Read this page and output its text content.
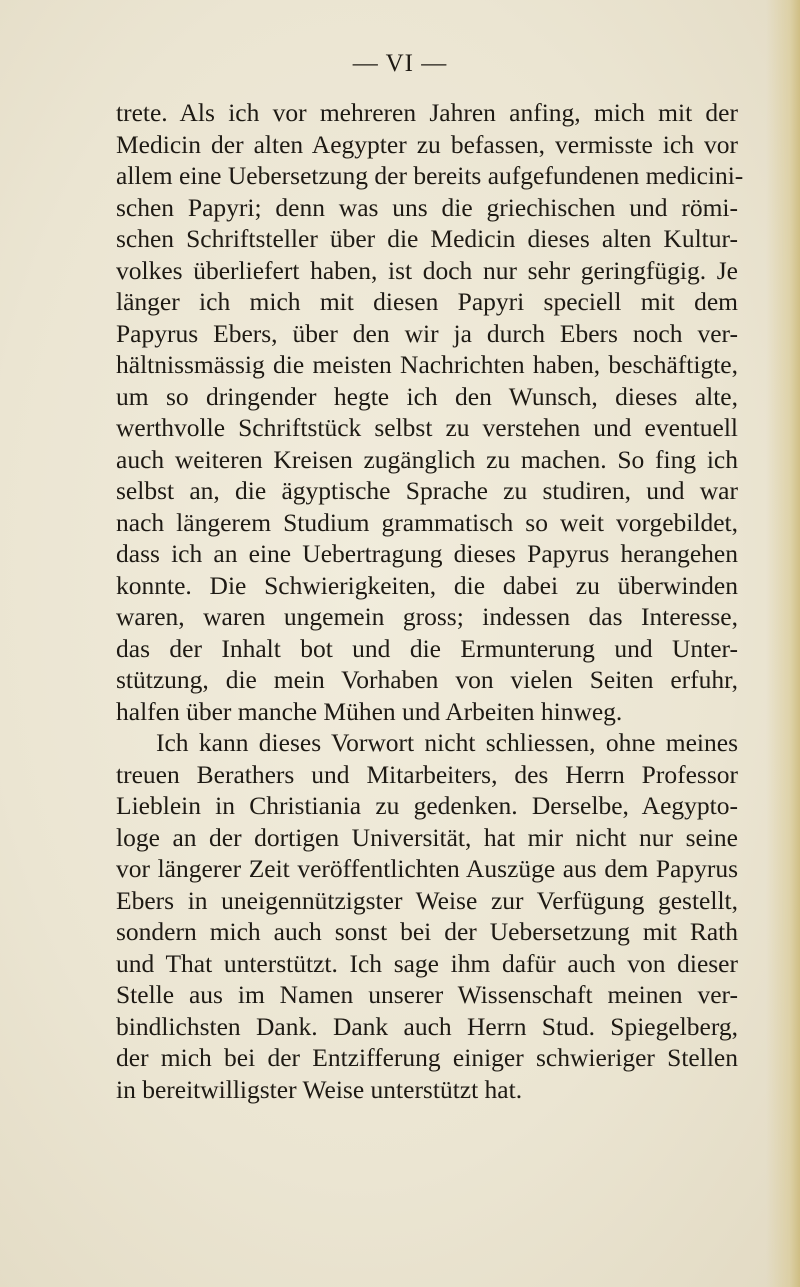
— VI —
trete. Als ich vor mehreren Jahren anfing, mich mit der
Medicin der alten Aegypter zu befassen, vermisste ich vor
allem eine Uebersetzung der bereits aufgefundenen medicini-
schen Papyri; denn was uns die griechischen und römi-
schen Schriftsteller über die Medicin dieses alten Kultur-
volkes überliefert haben, ist doch nur sehr geringfügig. Je
länger ich mich mit diesen Papyri speciell mit dem
Papyrus Ebers, über den wir ja durch Ebers noch ver-
hältnissmässig die meisten Nachrichten haben, beschäftigte,
um so dringender hegte ich den Wunsch, dieses alte,
werthvolle Schriftstück selbst zu verstehen und eventuell
auch weiteren Kreisen zugänglich zu machen. So fing ich
selbst an, die ägyptische Sprache zu studiren, und war
nach längerem Studium grammatisch so weit vorgebildet,
dass ich an eine Uebertragung dieses Papyrus herangehen
konnte. Die Schwierigkeiten, die dabei zu überwinden
waren, waren ungemein gross; indessen das Interesse,
das der Inhalt bot und die Ermunterung und Unter-
stützung, die mein Vorhaben von vielen Seiten erfuhr,
halfen über manche Mühen und Arbeiten hinweg.
Ich kann dieses Vorwort nicht schliessen, ohne meines
treuen Berathers und Mitarbeiters, des Herrn Professor
Lieblein in Christiania zu gedenken. Derselbe, Aegypto-
loge an der dortigen Universität, hat mir nicht nur seine
vor längerer Zeit veröffentlichten Auszüge aus dem Papyrus
Ebers in uneigennützigster Weise zur Verfügung gestellt,
sondern mich auch sonst bei der Uebersetzung mit Rath
und That unterstützt. Ich sage ihm dafür auch von dieser
Stelle aus im Namen unserer Wissenschaft meinen ver-
bindlichsten Dank. Dank auch Herrn Stud. Spiegelberg,
der mich bei der Entzifferung einiger schwieriger Stellen
in bereitwilligster Weise unterstützt hat.
